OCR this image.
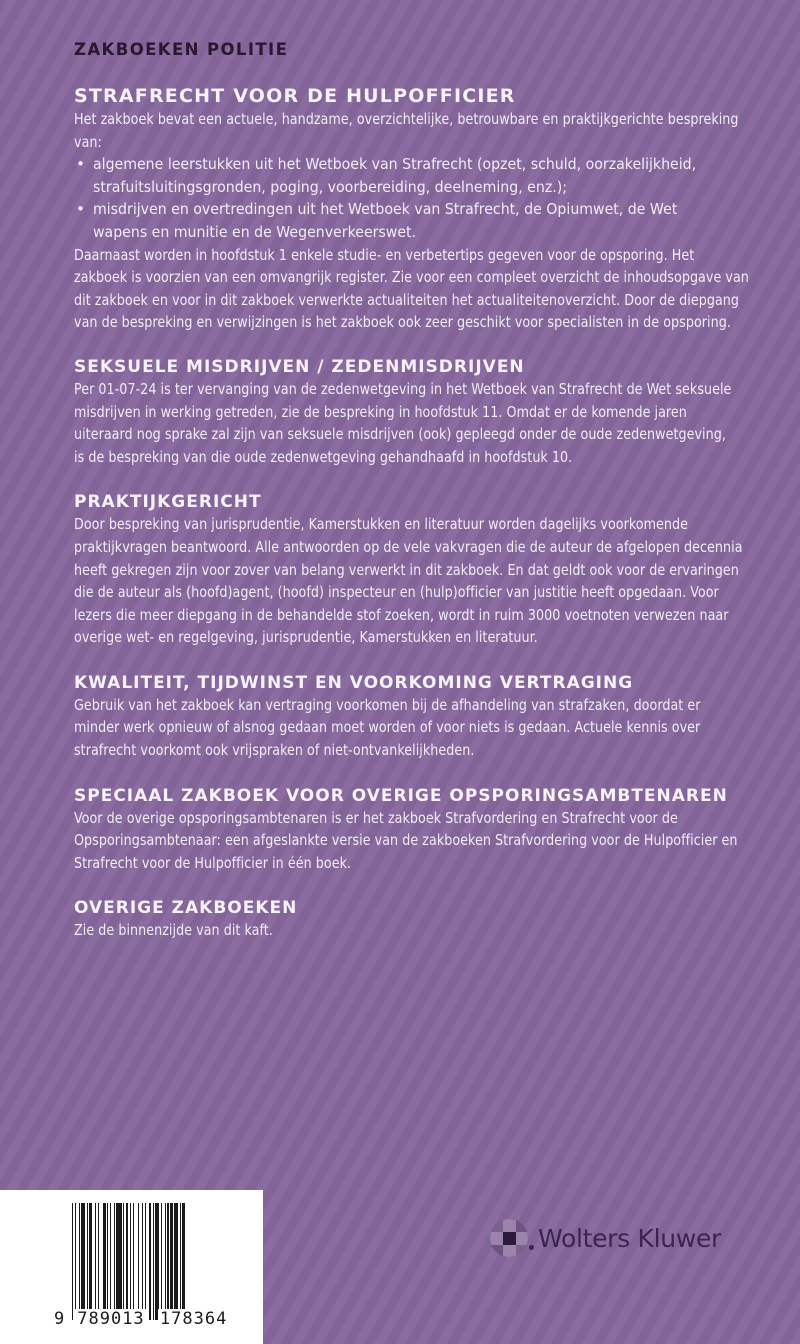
ZAKBOEKEN POLITIE
STRAFRECHT VOOR DE HULPOFFICIER

Het zakboek bevat een actuele, handzame, overzichtelijke, betrouwbare en praktijkgerichte bespreking van:

• algemene leerstukken uit het Wetboek van Strafrecht (opzet, schuld, oorzakelijkheid, strafuitsluitingsgronden, poging, voorbereiding, deelneming, enz.);
• misdrijven en overtredingen uit het Wetboek van Strafrecht, de Opiumwet, de Wet wapens en munitie en de Wegenverkeerswet.

Daarnaast worden in hoofdstuk 1 enkele studie- en verbetertips gegeven voor de opsporing. Het zakboek is voorzien van een omvangrijk register. Zie voor een compleet overzicht de inhoudsopgave van dit zakboek en voor in dit zakboek verwerkte actualiteiten het actualiteitenoverzicht. Door de diepgang van de bespreking en verwijzingen is het zakboek ook zeer geschikt voor specialisten in de opsporing.

SEKSUELE MISDRIJVEN / ZEDENMISDRIJVEN

Per 01-07-24 is ter vervanging van de zedenwetgeving in het Wetboek van Strafrecht de Wet seksuele misdrijven in werking getreden, zie de bespreking in hoofdstuk 11. Omdat er de komende jaren uiteraard nog sprake zal zijn van seksuele misdrijven (ook) gepleegd onder de oude zedenwetgeving, is de bespreking van die oude zedenwetgeving gehandhaafd in hoofdstuk 10.

PRAKTIJKGERICHT

Door bespreking van jurisprudentie, Kamerstukken en literatuur worden dagelijks voorkomende praktijkvragen beantwoord. Alle antwoorden op de vele vakvragen die de auteur de afgelopen decennia heeft gekregen zijn voor zover van belang verwerkt in dit zakboek. En dat geldt ook voor de ervaringen die de auteur als (hoofd)agent, (hoofd) inspecteur en (hulp)officier van justitie heeft opgedaan. Voor lezers die meer diepgang in de behandelde stof zoeken, wordt in ruim 3000 voetnoten verwezen naar overige wet- en regelgeving, jurisprudentie, Kamerstukken en literatuur.

KWALITEIT, TIJDWINST EN VOORKOMING VERTRAGING

Gebruik van het zakboek kan vertraging voorkomen bij de afhandeling van strafzaken, doordat er minder werk opnieuw of alsnog gedaan moet worden of voor niets is gedaan. Actuele kennis over strafrecht voorkomt ook vrijspraken of niet-ontvankelijkheden.

SPECIAAL ZAKBOEK VOOR OVERIGE OPSPORINGSAMBTENAREN

Voor de overige opsporingsambtenaren is er het zakboek Strafvordering en Strafrecht voor de Opsporingsambtenaar: een afgeslankte versie van de zakboeken Strafvordering voor de Hulpofficier en Strafrecht voor de Hulpofficier in één boek.

OVERIGE ZAKBOEKEN

Zie de binnenzijde van dit kaft.

9 789013 178364
Wolters Kluwer
